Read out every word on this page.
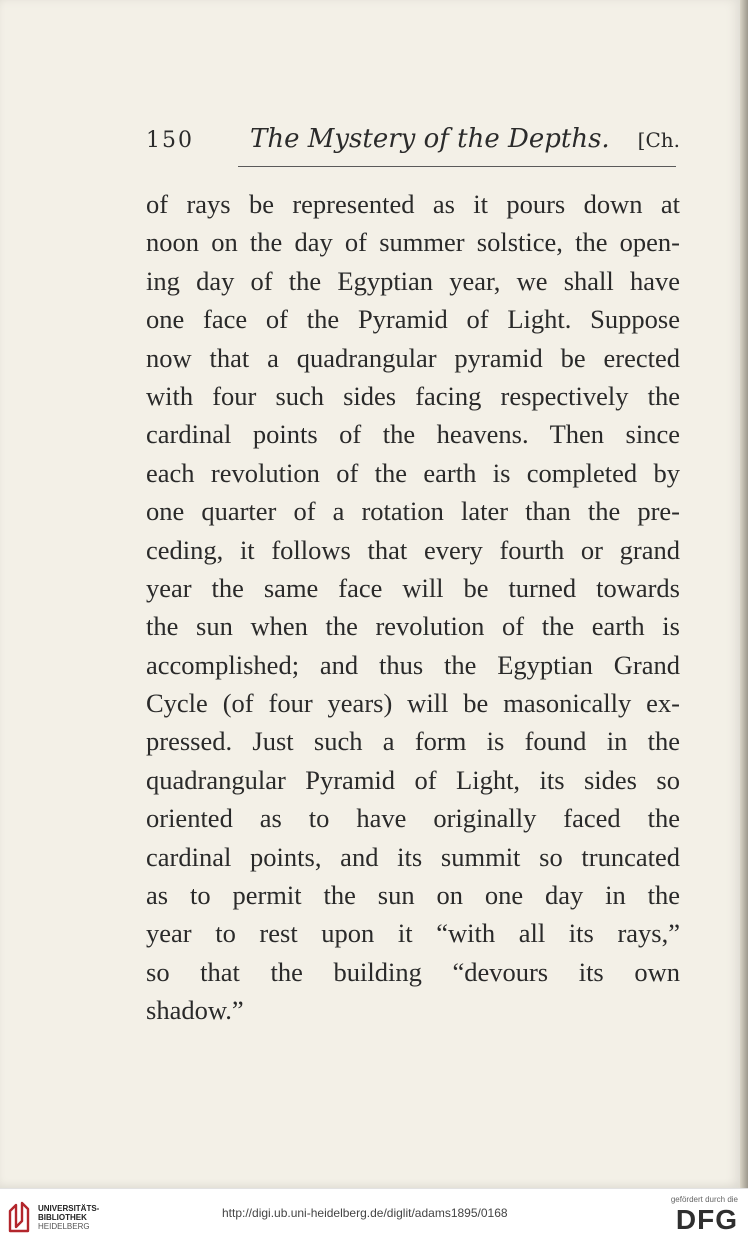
150 The Mystery of the Depths. [Ch.
of rays be represented as it pours down at
noon on the day of summer solstice, the open-
ing day of the Egyptian year, we shall have
one face of the Pyramid of Light. Suppose
now that a quadrangular pyramid be erected
with four such sides facing respectively the
cardinal points of the heavens. Then since
each revolution of the earth is completed by
one quarter of a rotation later than the pre-
ceding, it follows that every fourth or grand
year the same face will be turned towards
the sun when the revolution of the earth is
accomplished; and thus the Egyptian Grand
Cycle (of four years) will be masonically ex-
pressed. Just such a form is found in the
quadrangular Pyramid of Light, its sides so
oriented as to have originally faced the
cardinal points, and its summit so truncated
as to permit the sun on one day in the
year to rest upon it “with all its rays,”
so that the building “devours its own
shadow.”
UNIVERSITÄTS-
BIBLIOTHEK
HEIDELBERG
http://digi.ub.uni-heidelberg.de/diglit/adams1895/0168
gefördert durch die
DFG
